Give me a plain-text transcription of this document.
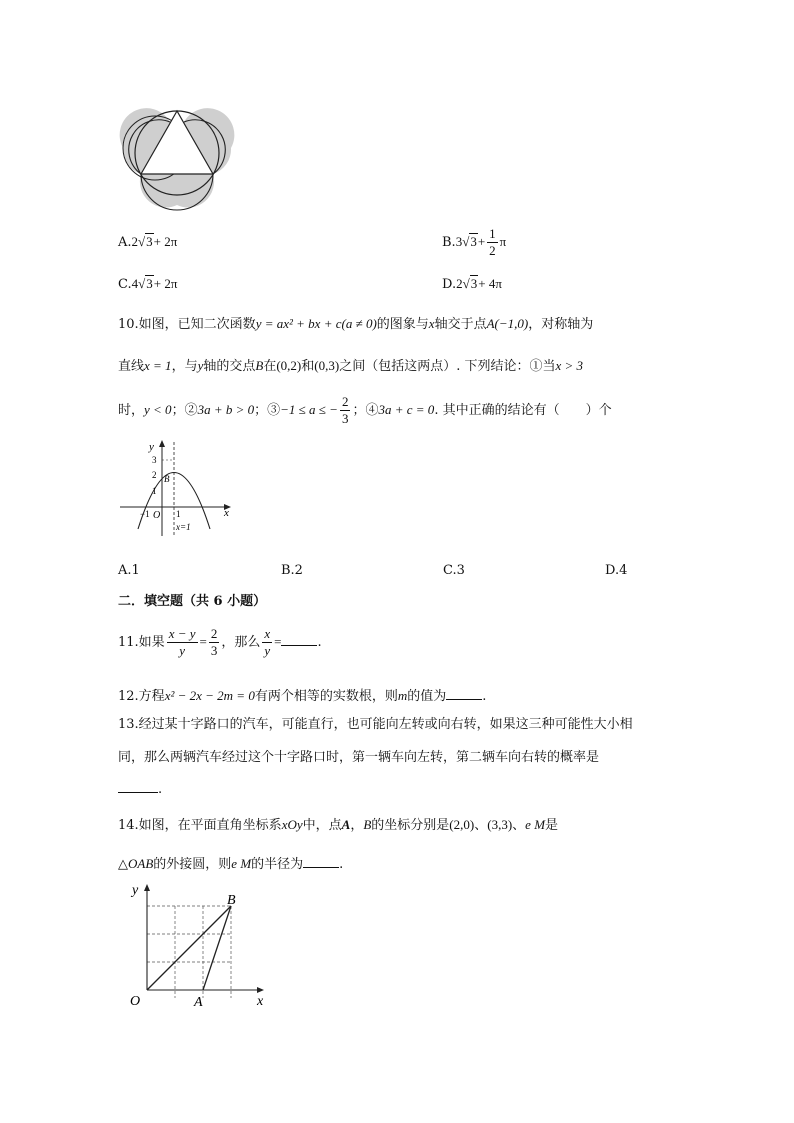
A.2√3+ 2π	$B.3√3+ \frac{1}{2}$ π
C.4√3+ 2π	D.2√3+ 4π
10.如图，已知二次函数y = ax² + bx + c(a ≠ 0)的图象与x轴交于点A(−1,0)，对称轴为
直线x = 1，与y轴的交点B在(0,2)和(0,3)之间（包括这两点）. 下列结论：①当x > 3
时，y < 0；②3a + b > 0；③−1 ≤ a ≤ − $\frac{2}{3}$ ；④3a + c = 0. 其中正确的结论有（　　）个
y
x
O
3
2
1
−1	1
B
x=1
A.1	B.2	C.3	D.4
二．填空题（共 6 小题）
11.如果 $\frac{x - y}{y} = \frac{2}{3}$ ，那么 $\frac{x}{y}$ =	.
12.方程x² − 2x − 2m = 0有两个相等的实数根，则m的值为	.
13.经过某十字路口的汽车，可能直行，也可能向左转或向右转，如果这三种可能性大小相
同，那么两辆汽车经过这个十字路口时，第一辆车向左转，第二辆车向右转的概率是
.
14.如图，在平面直角坐标系xOy中，点A，B的坐标分别是(2,0)、(3,3)、e M是
△OAB的外接圆，则e M的半径为	.
y
x
O	A
B
